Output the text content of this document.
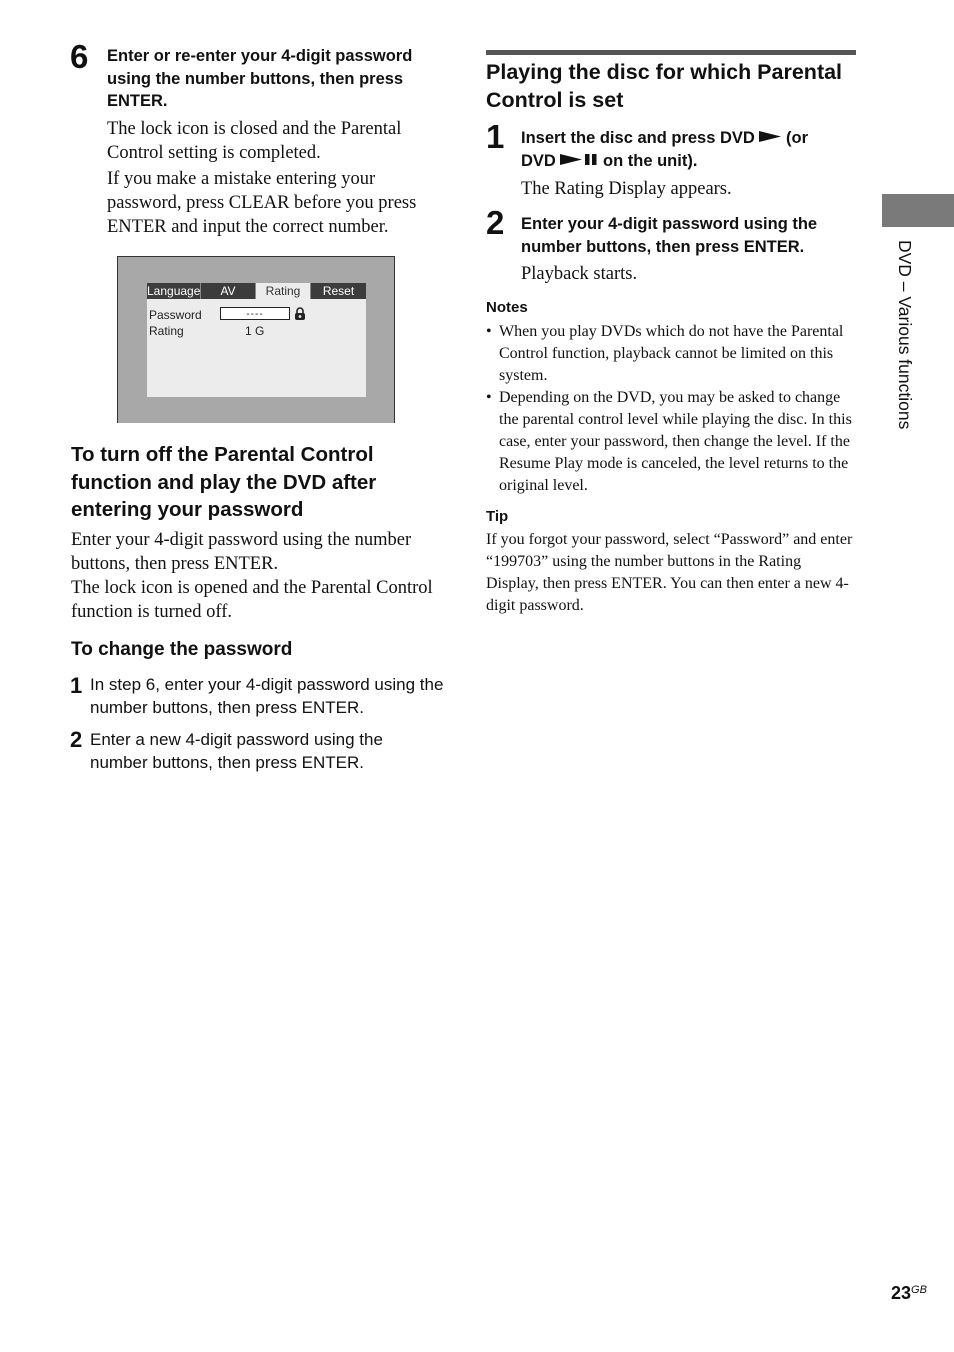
6 Enter or re-enter your 4-digit password using the number buttons, then press ENTER.
The lock icon is closed and the Parental Control setting is completed.
If you make a mistake entering your password, press CLEAR before you press ENTER and input the correct number.
Language	AV	Rating	Reset
Password	----
Rating	1 G
To turn off the Parental Control function and play the DVD after entering your password
Enter your 4-digit password using the number buttons, then press ENTER.
The lock icon is opened and the Parental Control function is turned off.
To change the password
1 In step 6, enter your 4-digit password using the number buttons, then press ENTER.
2 Enter a new 4-digit password using the number buttons, then press ENTER.
Playing the disc for which Parental Control is set
1 Insert the disc and press DVD  (or
DVD  on the unit).
The Rating Display appears.
2 Enter your 4-digit password using the number buttons, then press ENTER.
Playback starts.
Notes
• When you play DVDs which do not have the Parental Control function, playback cannot be limited on this system.
• Depending on the DVD, you may be asked to change the parental control level while playing the disc. In this case, enter your password, then change the level. If the Resume Play mode is canceled, the level returns to the original level.
Tip
If you forgot your password, select “Password” and enter “199703” using the number buttons in the Rating Display, then press ENTER. You can then enter a new 4-digit password.
DVD – Various functions
$23^{GB}$
